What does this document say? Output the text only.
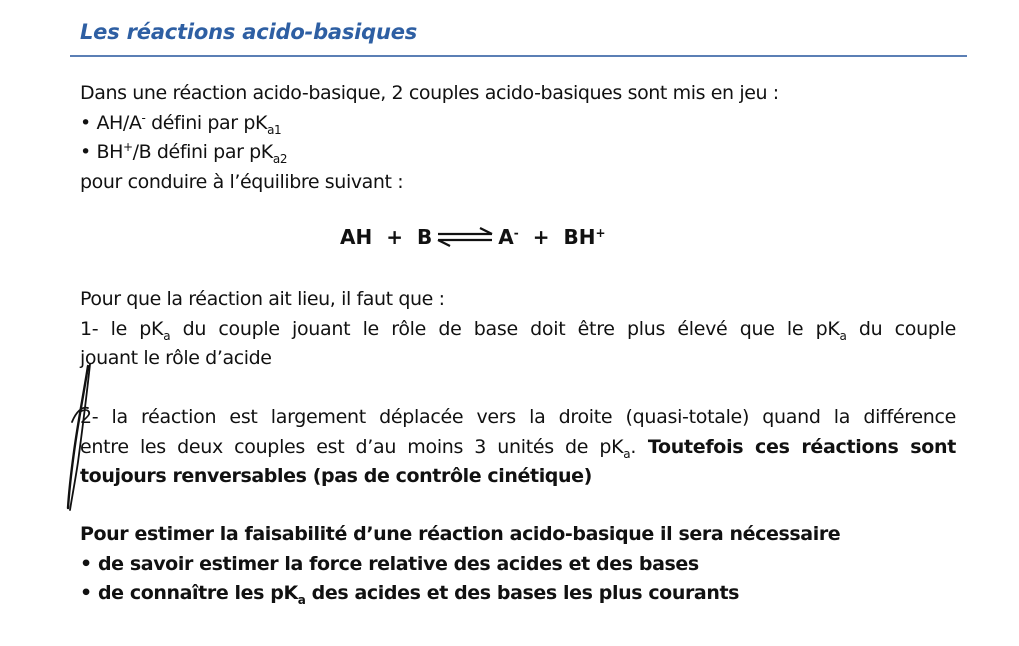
Les réactions acido-basiques
Dans une réaction acido-basique, 2 couples acido-basiques sont mis en jeu :
• AH/A- défini par $pK_{a1}$
• BH+/B défini par $pK_{a2}$
pour conduire à l’équilibre suivant :
AH + B ⇌ A- + BH+
Pour que la réaction ait lieu, il faut que :
1- le $pK_a$ du couple jouant le rôle de base doit être plus élevé que le $pK_a$ du couple
jouant le rôle d’acide
2- la réaction est largement déplacée vers la droite (quasi-totale) quand la différence
entre les deux couples est d’au moins 3 unités de $pK_a$. Toutefois ces réactions sont
toujours renversables (pas de contrôle cinétique)
Pour estimer la faisabilité d’une réaction acido-basique il sera nécessaire
• de savoir estimer la force relative des acides et des bases
• de connaître les $pK_a$ des acides et des bases les plus courants
